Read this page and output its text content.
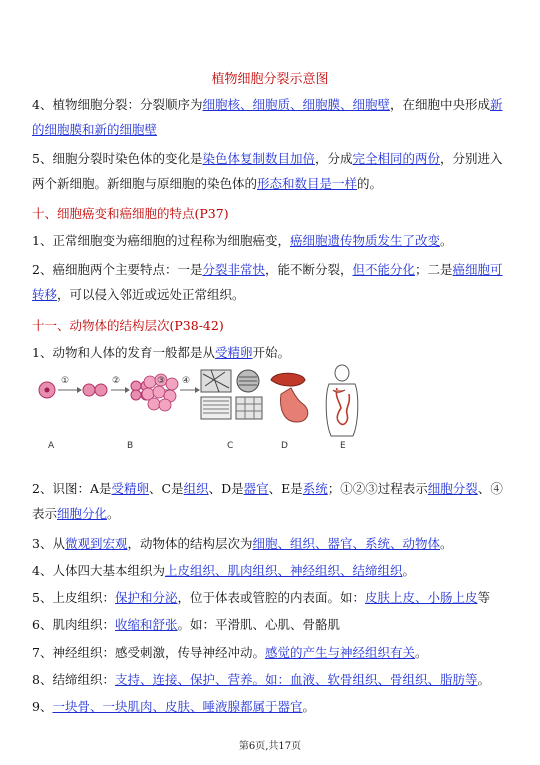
植物细胞分裂示意图
4、植物细胞分裂：分裂顺序为细胞核、细胞质、细胞膜、细胞壁，在细胞中央形成新的细胞膜和新的细胞壁
5、细胞分裂时染色体的变化是染色体复制数目加倍，分成完全相同的两份，分别进入两个新细胞。新细胞与原细胞的染色体的形态和数目是一样的。
十、细胞癌变和癌细胞的特点(P37)
1、正常细胞变为癌细胞的过程称为细胞癌变，癌细胞遗传物质发生了改变。
2、癌细胞两个主要特点：一是分裂非常快，能不断分裂，但不能分化；二是癌细胞可转移，可以侵入邻近或远处正常组织。
十一、动物体的结构层次(P38-42)
1、动物和人体的发育一般都是从受精卵开始。
A	B	C	D	E
①	②	③ ④
2、识图：A是受精卵、C是组织、D是器官、E是系统；①②③过程表示细胞分裂、④表示细胞分化。
3、从微观到宏观，动物体的结构层次为细胞、组织、器官、系统、动物体。
4、人体四大基本组织为上皮组织、肌肉组织、神经组织、结缔组织。
5、上皮组织：保护和分泌，位于体表或管腔的内表面。如：皮肤上皮、小肠上皮等
6、肌肉组织：收缩和舒张。如：平滑肌、心肌、骨骼肌
7、神经组织：感受刺激，传导神经冲动。感觉的产生与神经组织有关。
8、结缔组织：支持、连接、保护、营养。如：血液、软骨组织、骨组织、脂肪等。
9、一块骨、一块肌肉、皮肤、唾液腺都属于器官。
第6页,共17页
